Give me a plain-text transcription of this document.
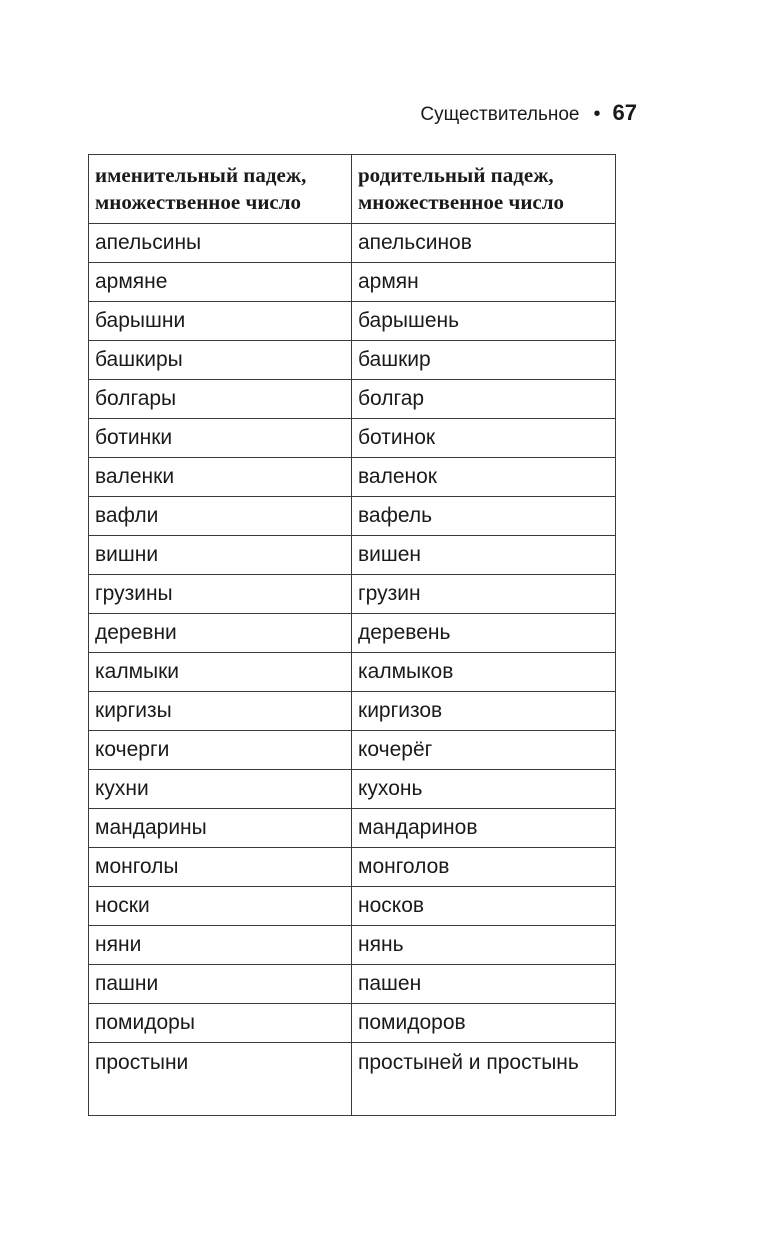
Существительное • 67
именительный падеж, множественное число	родительный падеж, множественное число
апельсины	апельсинов
армяне	армян
барышни	барышень
башкиры	башкир
болгары	болгар
ботинки	ботинок
валенки	валенок
вафли	вафель
вишни	вишен
грузины	грузин
деревни	деревень
калмыки	калмыков
киргизы	киргизов
кочерги	кочерёг
кухни	кухонь
мандарины	мандаринов
монголы	монголов
носки	носков
няни	нянь
пашни	пашен
помидоры	помидоров
простыни	простыней и простынь
